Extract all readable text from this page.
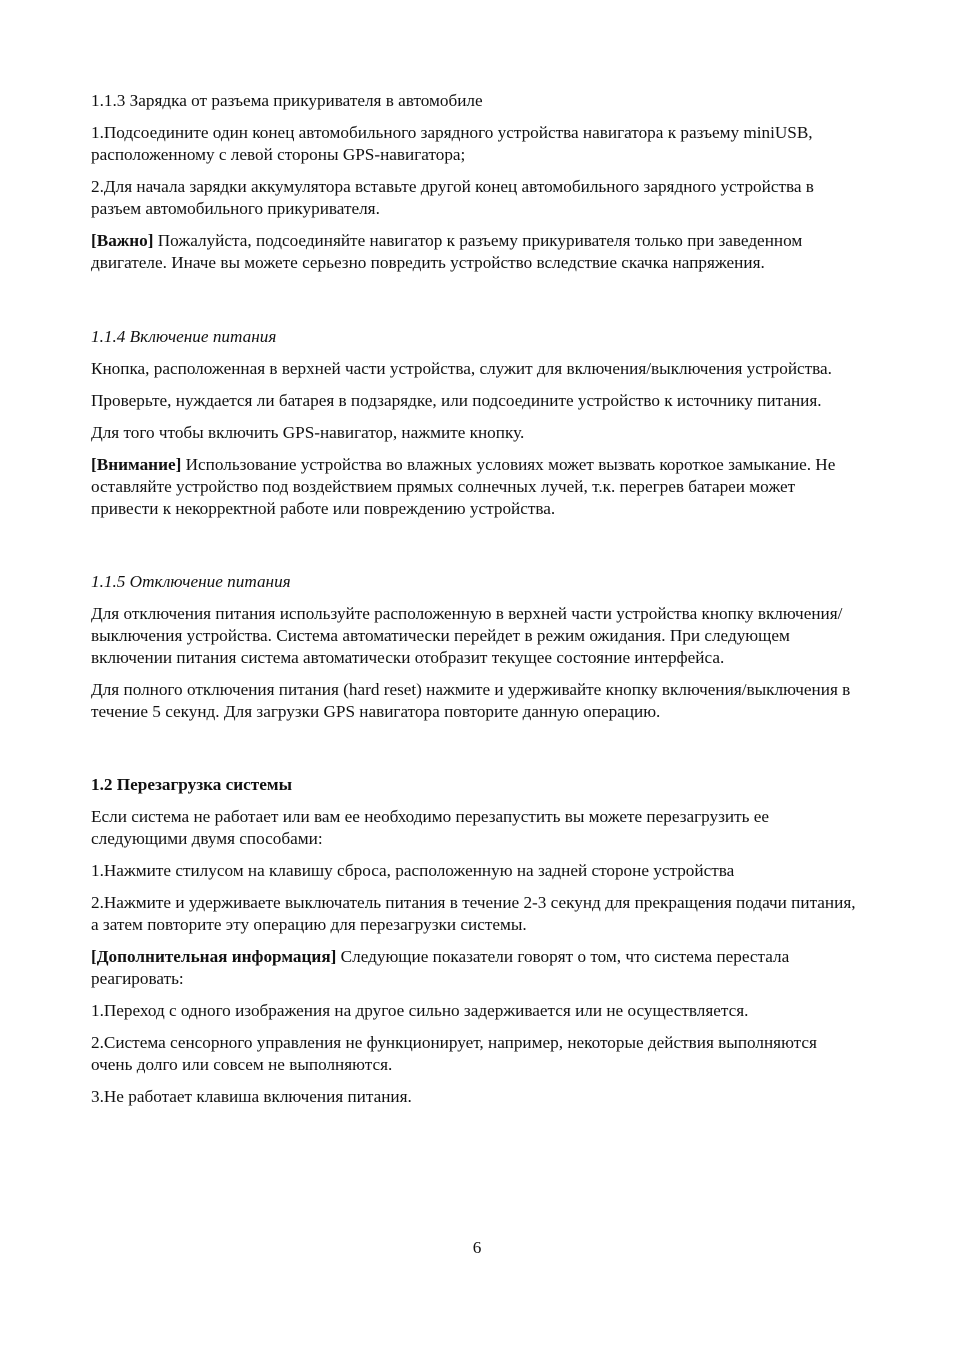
1.1.3 Зарядка от разъема прикуривателя в автомобиле

1.Подсоедините один конец автомобильного зарядного устройства навигатора к разъему miniUSB, расположенному с левой стороны GPS-навигатора;

2.Для начала зарядки аккумулятора вставьте другой конец автомобильного зарядного устройства в разъем автомобильного прикуривателя.

[Важно] Пожалуйста, подсоединяйте навигатор к разъему прикуривателя только при заведенном двигателе. Иначе вы можете серьезно повредить устройство вследствие скачка напряжения.

1.1.4 Включение питания

Кнопка, расположенная в верхней части устройства, служит для включения/выключения устройства.

Проверьте, нуждается ли батарея в подзарядке, или подсоедините устройство к источнику питания.

Для того чтобы включить GPS-навигатор, нажмите кнопку.

[Внимание] Использование устройства во влажных условиях может вызвать короткое замыкание. Не оставляйте устройство под воздействием прямых солнечных лучей, т.к. перегрев батареи может привести к некорректной работе или повреждению устройства.

1.1.5 Отключение питания

Для отключения питания используйте расположенную в верхней части устройства кнопку включения/выключения устройства. Система автоматически перейдет в режим ожидания. При следующем включении питания система автоматически отобразит текущее состояние интерфейса.

Для полного отключения питания (hard reset) нажмите и удерживайте кнопку включения/выключения в течение 5 секунд. Для загрузки GPS навигатора повторите данную операцию.

1.2 Перезагрузка системы

Если система не работает или вам ее необходимо перезапустить вы можете перезагрузить ее следующими двумя способами:

1.Нажмите стилусом на клавишу сброса, расположенную на задней стороне устройства

2.Нажмите и удерживаете выключатель питания в течение 2-3 секунд для прекращения подачи питания, а затем повторите эту операцию для перезагрузки системы.

[Дополнительная информация] Следующие показатели говорят о том, что система перестала реагировать:

1.Переход с одного изображения на другое сильно задерживается или не осуществляется.

2.Система сенсорного управления не функционирует, например, некоторые действия выполняются очень долго или совсем не выполняются.

3.Не работает клавиша включения питания.

6
